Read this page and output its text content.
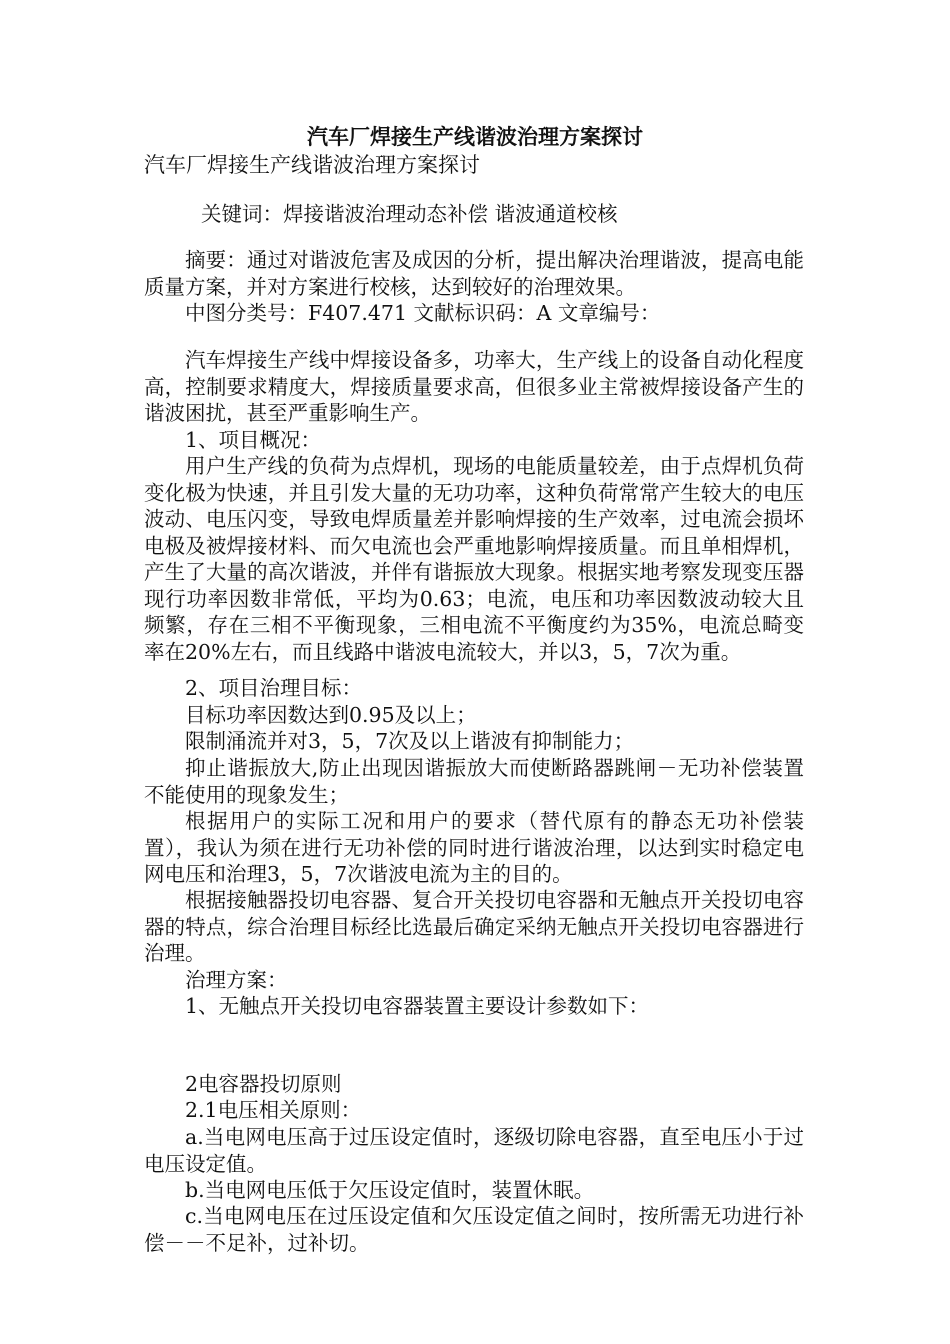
汽车厂焊接生产线谐波治理方案探讨

汽车厂焊接生产线谐波治理方案探讨

关键词：焊接谐波治理动态补偿 谐波通道校核

摘要：通过对谐波危害及成因的分析，提出解决治理谐波，提高电能质量方案，并对方案进行校核，达到较好的治理效果。

中图分类号：F407.471 文献标识码：A 文章编号：

汽车焊接生产线中焊接设备多，功率大，生产线上的设备自动化程度高，控制要求精度大，焊接质量要求高，但很多业主常被焊接设备产生的谐波困扰，甚至严重影响生产。

1、项目概况：

用户生产线的负荷为点焊机，现场的电能质量较差，由于点焊机负荷变化极为快速，并且引发大量的无功功率，这种负荷常常产生较大的电压波动、电压闪变，导致电焊质量差并影响焊接的生产效率，过电流会损坏电极及被焊接材料、而欠电流也会严重地影响焊接质量。而且单相焊机，产生了大量的高次谐波，并伴有谐振放大现象。根据实地考察发现变压器现行功率因数非常低，平均为0.63；电流，电压和功率因数波动较大且频繁，存在三相不平衡现象，三相电流不平衡度约为35%，电流总畸变率在20%左右，而且线路中谐波电流较大，并以3，5，7次为重。

2、项目治理目标：

目标功率因数达到0.95及以上；

限制涌流并对3，5，7次及以上谐波有抑制能力；

抑止谐振放大,防止出现因谐振放大而使断路器跳闸－无功补偿装置不能使用的现象发生；

根据用户的实际工况和用户的要求（替代原有的静态无功补偿装置），我认为须在进行无功补偿的同时进行谐波治理，以达到实时稳定电网电压和治理3，5，7次谐波电流为主的目的。

根据接触器投切电容器、复合开关投切电容器和无触点开关投切电容器的特点，综合治理目标经比选最后确定采纳无触点开关投切电容器进行治理。

治理方案：

1、无触点开关投切电容器装置主要设计参数如下：

2电容器投切原则

2.1电压相关原则：

a.当电网电压高于过压设定值时，逐级切除电容器，直至电压小于过电压设定值。

b.当电网电压低于欠压设定值时，装置休眠。

c.当电网电压在过压设定值和欠压设定值之间时，按所需无功进行补偿－－不足补，过补切。
